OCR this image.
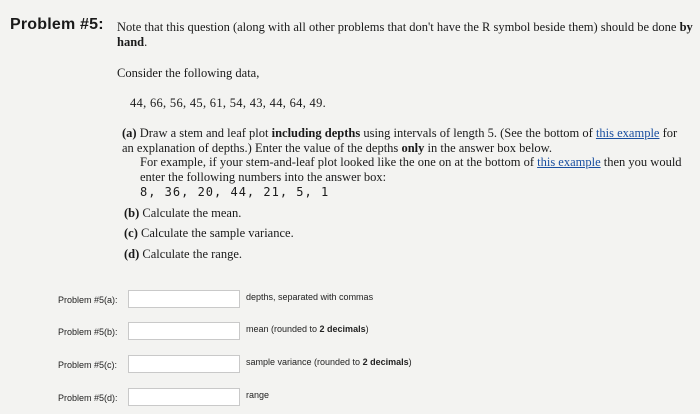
Problem #5: Note that this question (along with all other problems that don't have the R symbol beside them) should be done by hand.
Consider the following data,
44, 66, 56, 45, 61, 54, 43, 44, 64, 49.
(a) Draw a stem and leaf plot including depths using intervals of length 5. (See the bottom of this example for an explanation of depths.) Enter the value of the depths only in the answer box below.
For example, if your stem-and-leaf plot looked like the one on at the bottom of this example then you would enter the following numbers into the answer box:
8, 36, 20, 44, 21, 5, 1
(b) Calculate the mean.
(c) Calculate the sample variance.
(d) Calculate the range.
Problem #5(a):	depths, separated with commas
Problem #5(b):	mean (rounded to 2 decimals)
Problem #5(c):	sample variance (rounded to 2 decimals)
Problem #5(d):	range
